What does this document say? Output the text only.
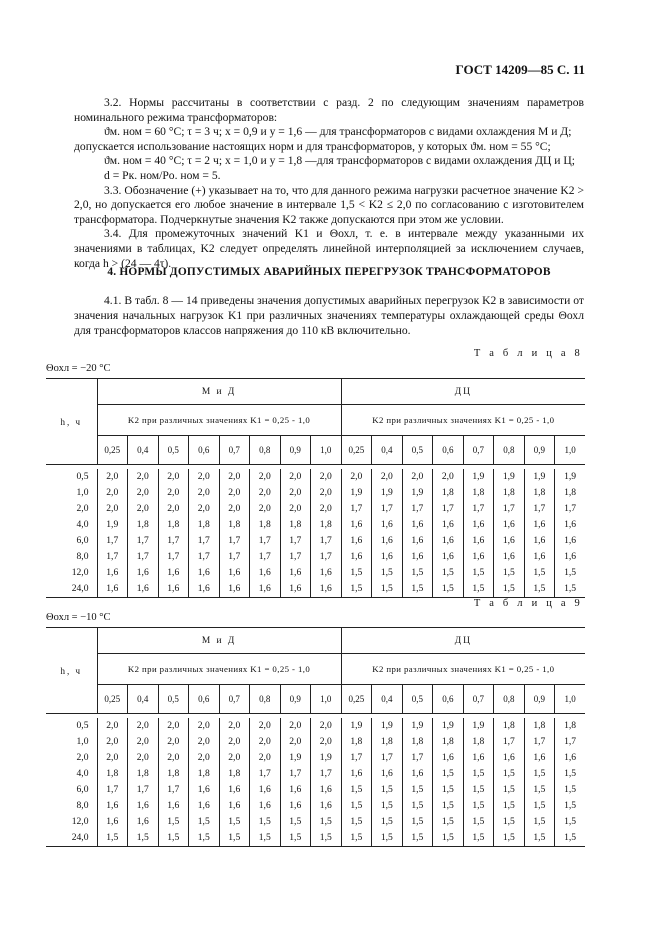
ГОСТ 14209—85 С. 11

3.2. Нормы рассчитаны в соответствии с разд. 2 по следующим значениям параметров номинального режима трансформаторов:

ϑм. ном = 60 °С; τ = 3 ч; x = 0,9 и y = 1,6 — для трансформаторов с видами охлаждения М и Д;

допускается использование настоящих норм и для трансформаторов, у которых ϑм. ном = 55 °С;

ϑм. ном = 40 °С; τ = 2 ч; x = 1,0 и y = 1,8 —для трансформаторов с видами охлаждения ДЦ и Ц;

d = Pк. ном/Pо. ном = 5.

3.3. Обозначение (+) указывает на то, что для данного режима нагрузки расчетное значение K2 > 2,0, но допускается его любое значение в интервале 1,5 < K2 ≤ 2,0 по согласованию с изготовителем трансформатора. Подчеркнутые значения K2 также допускаются при этом же условии.

3.4. Для промежуточных значений K1 и Θохл, т. е. в интервале между указанными их значениями в таблицах, K2 следует определять линейной интерполяцией за исключением случаев, когда h > (24 — 4τ).

4. НОРМЫ ДОПУСТИМЫХ АВАРИЙНЫХ ПЕРЕГРУЗОК ТРАНСФОРМАТОРОВ
4.1. В табл. 8 — 14 приведены значения допустимых аварийных перегрузок K2 в зависимости от значения начальных нагрузок K1 при различных значениях температуры охлаждающей среды Θохл для трансформаторов классов напряжения до 110 кВ включительно.
Т а б л и ц а 8
Θохл = −20 °С
h, ч	М и Д								ДЦ							
	K2 при различных значениях K1 = 0,25 - 1,0								K2 при различных значениях K1 = 0,25 - 1,0							
	0,25	0,4	0,5	0,6	0,7	0,8	0,9	1,0	0,25	0,4	0,5	0,6	0,7	0,8	0,9	1,0

0,5	2,0	2,0	2,0	2,0	2,0	2,0	2,0	2,0	2,0	2,0	2,0	2,0	1,9	1,9	1,9	1,9
1,0	2,0	2,0	2,0	2,0	2,0	2,0	2,0	2,0	1,9	1,9	1,9	1,8	1,8	1,8	1,8	1,8
2,0	2,0	2,0	2,0	2,0	2,0	2,0	2,0	2,0	1,7	1,7	1,7	1,7	1,7	1,7	1,7	1,7
4,0	1,9	1,8	1,8	1,8	1,8	1,8	1,8	1,8	1,6	1,6	1,6	1,6	1,6	1,6	1,6	1,6
6,0	1,7	1,7	1,7	1,7	1,7	1,7	1,7	1,7	1,6	1,6	1,6	1,6	1,6	1,6	1,6	1,6
8,0	1,7	1,7	1,7	1,7	1,7	1,7	1,7	1,7	1,6	1,6	1,6	1,6	1,6	1,6	1,6	1,6
12,0	1,6	1,6	1,6	1,6	1,6	1,6	1,6	1,6	1,5	1,5	1,5	1,5	1,5	1,5	1,5	1,5
24,0	1,6	1,6	1,6	1,6	1,6	1,6	1,6	1,6	1,5	1,5	1,5	1,5	1,5	1,5	1,5	1,5
Т а б л и ц а 9
Θохл = −10 °С
h, ч	М и Д								ДЦ							
	K2 при различных значениях K1 = 0,25 - 1,0								K2 при различных значениях K1 = 0,25 - 1,0							
	0,25	0,4	0,5	0,6	0,7	0,8	0,9	1,0	0,25	0,4	0,5	0,6	0,7	0,8	0,9	1,0

0,5	2,0	2,0	2,0	2,0	2,0	2,0	2,0	2,0	1,9	1,9	1,9	1,9	1,9	1,8	1,8	1,8
1,0	2,0	2,0	2,0	2,0	2,0	2,0	2,0	2,0	1,8	1,8	1,8	1,8	1,8	1,7	1,7	1,7
2,0	2,0	2,0	2,0	2,0	2,0	2,0	1,9	1,9	1,7	1,7	1,7	1,6	1,6	1,6	1,6	1,6
4,0	1,8	1,8	1,8	1,8	1,8	1,7	1,7	1,7	1,6	1,6	1,6	1,5	1,5	1,5	1,5	1,5
6,0	1,7	1,7	1,7	1,6	1,6	1,6	1,6	1,6	1,5	1,5	1,5	1,5	1,5	1,5	1,5	1,5
8,0	1,6	1,6	1,6	1,6	1,6	1,6	1,6	1,6	1,5	1,5	1,5	1,5	1,5	1,5	1,5	1,5
12,0	1,6	1,6	1,5	1,5	1,5	1,5	1,5	1,5	1,5	1,5	1,5	1,5	1,5	1,5	1,5	1,5
24,0	1,5	1,5	1,5	1,5	1,5	1,5	1,5	1,5	1,5	1,5	1,5	1,5	1,5	1,5	1,5	1,5
